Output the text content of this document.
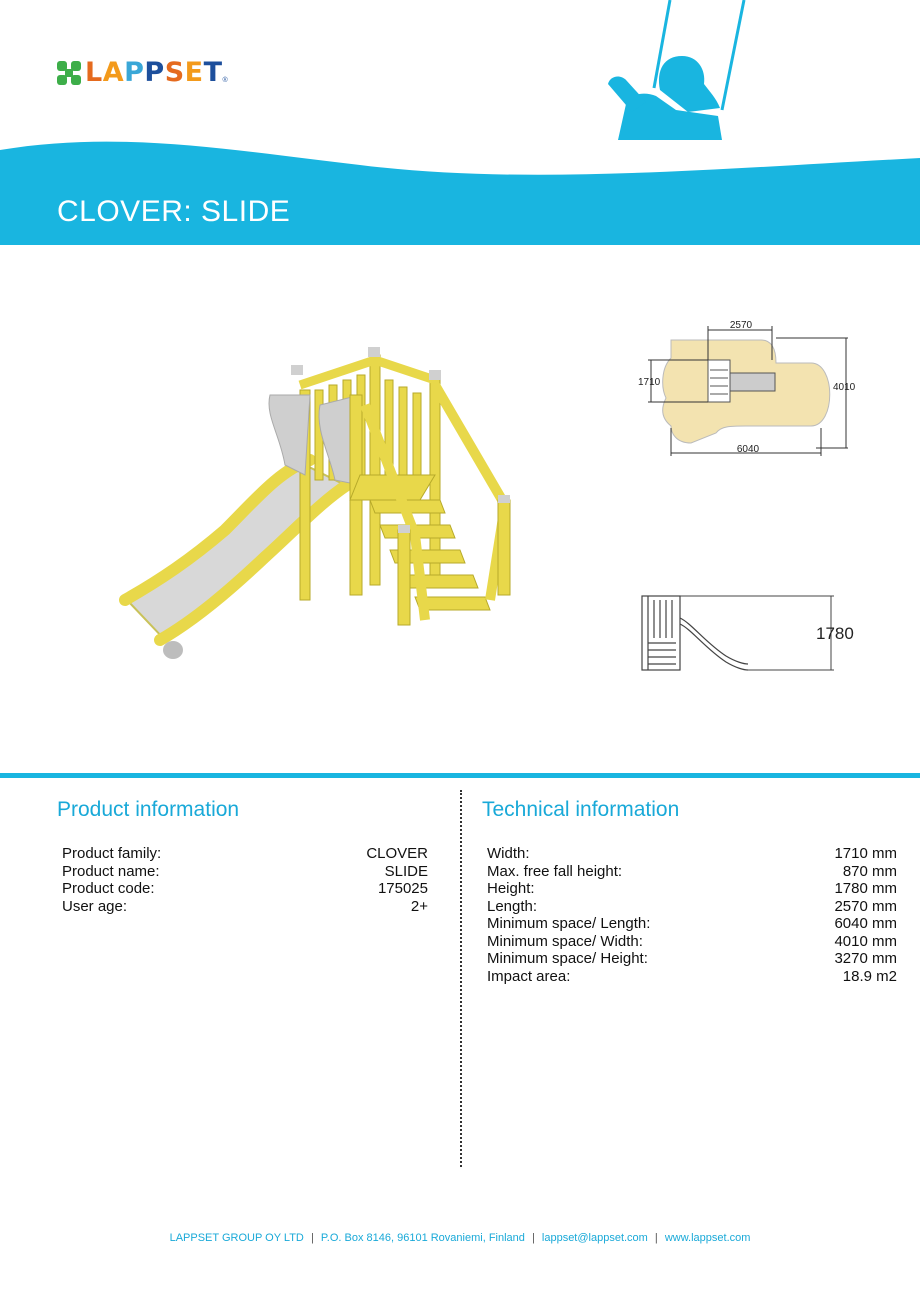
LAPPSET ®
CLOVER: SLIDE
2570
1710	4010
6040
1780
Product information
Product family:	CLOVER
Product name:	SLIDE
Product code:	175025
User age:	2+
Technical information
Width:	1710 mm
Max. free fall height:	870 mm
Height:	1780 mm
Length:	2570 mm
Minimum space/ Length:	6040 mm
Minimum space/ Width:	4010 mm
Minimum space/ Height:	3270 mm
Impact area:	18.9 m2
LAPPSET GROUP OY LTD | P.O. Box 8146, 96101 Rovaniemi, Finland | lappset@lappset.com | www.lappset.com
